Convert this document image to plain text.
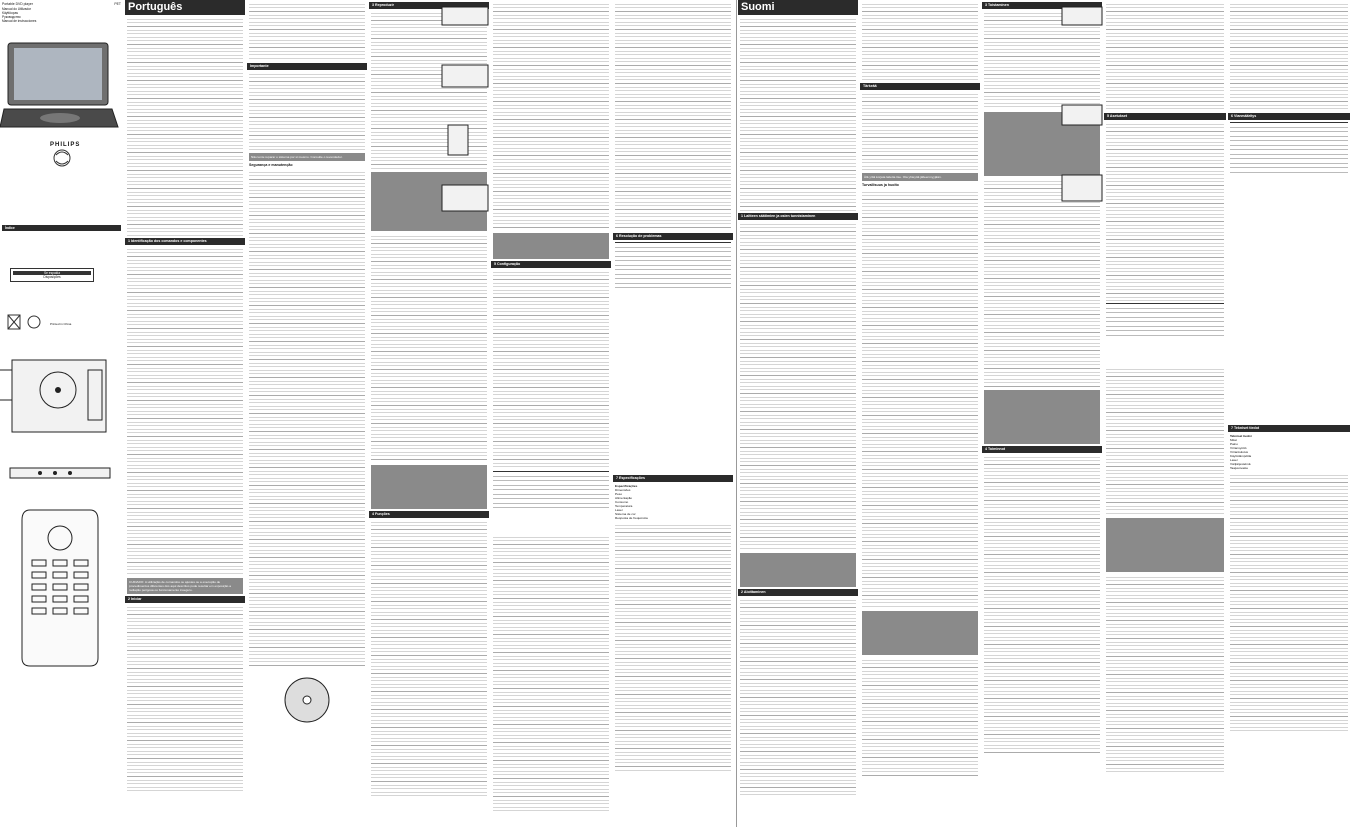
Portable DVD player	PET
Manual do Utilizador
Käyttöopas
Руководство
Manual de instrucciones
PHILIPS
Índice
Se espalda
Disposições
Printed in China
Português
1 Identificação dos comandos e componentes
CUIDADO: A utilização de comandos ou ajustes ou a execução de procedimentos diferentes dos aqui descritos pode resultar em exposição a radiação perigosa ou funcionamento inseguro.
2 Iniciar
Importante
Não tente reparar o sistema por si mesmo. Consulte o revendedor.
Segurança e manutenção
3 Reproduzir
4 Funções
5 Configuração
6 Resolução de problemas
7 Especificações
Especificações
Dimensões
Peso
Alimentação
Consumo
Temperatura
Laser
Sistema de cor
Resposta de frequência
Suomi
1 Laitteen säätimien ja osien tunnistaminen
2 Aloittaminen
Tärkeää
Älä yritä korjata laitetta itse. Ota yhteyttä jälleenmyyjään.
Turvallisuus ja huolto
3 Toistaminen
4 Toiminnot
5 Asetukset	6 Vianmääritys
7 Tekniset tiedot
Tekniset tiedot
Mitat
Paino
Virransyöttö
Virrankulutus
Käyttölämpötila
Laser
Värijärjestelmä
Taajuusvaste
